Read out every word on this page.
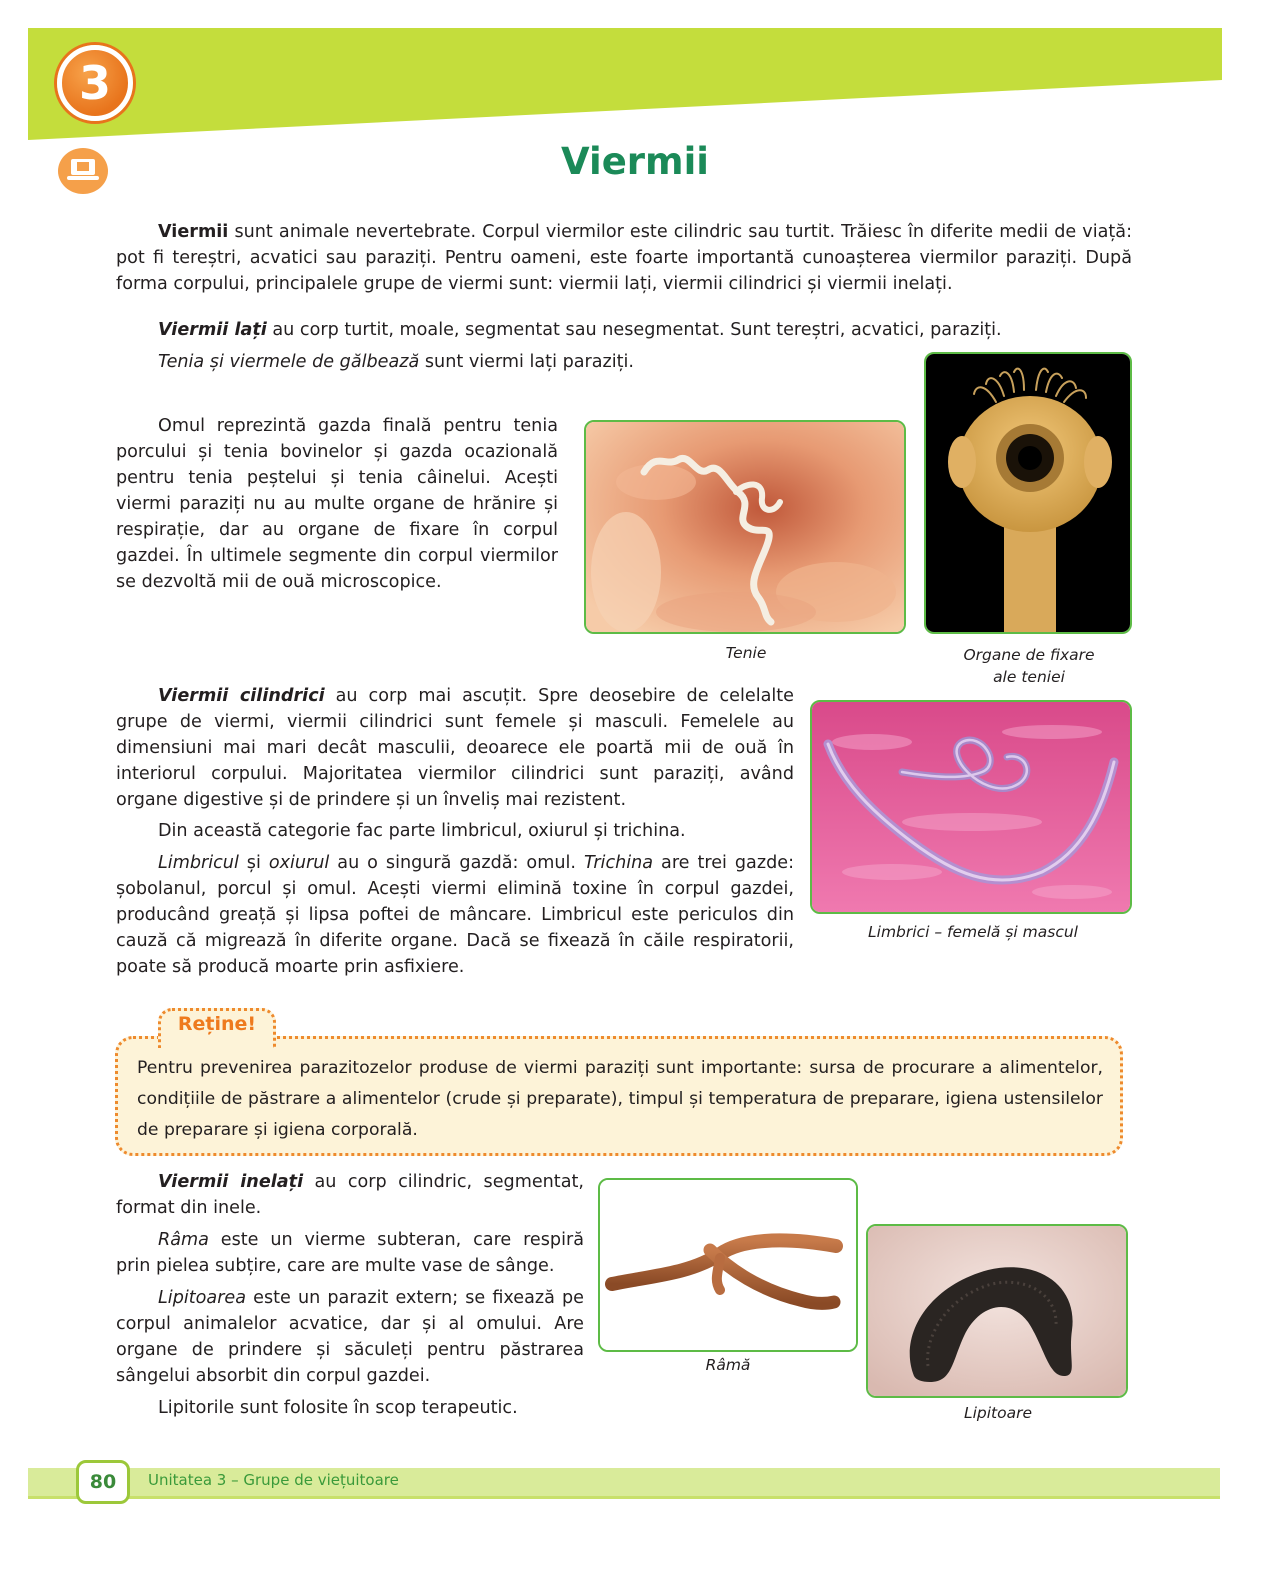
3
Viermii

Viermii sunt animale nevertebrate. Corpul viermilor este cilindric sau turtit. Trăiesc în diferite medii de viață: pot fi tereștri, acvatici sau paraziți. Pentru oameni, este foarte importantă cunoașterea viermilor paraziți. După forma corpului, principalele grupe de viermi sunt: viermii lați, viermii cilindrici și viermii inelați.

Viermii lați au corp turtit, moale, segmentat sau nesegmentat. Sunt tereștri, acvatici, paraziți.

Tenia și viermele de gălbează sunt viermi lați paraziți.

Omul reprezintă gazda finală pentru tenia porcului și tenia bovinelor și gazda ocazională pentru tenia peștelui și tenia câinelui. Acești viermi paraziți nu au multe organe de hrănire și respirație, dar au organe de fixare în corpul gazdei. În ultimele segmente din corpul viermilor se dezvoltă mii de ouă microscopice.

Tenie	Organe de fixare
ale teniei

Viermii cilindrici au corp mai ascuțit. Spre deosebire de celelalte grupe de viermi, viermii cilindrici sunt femele și masculi. Femelele au dimensiuni mai mari decât masculii, deoarece ele poartă mii de ouă în interiorul corpului. Majoritatea viermilor cilindrici sunt paraziți, având organe digestive și de prindere și un înveliș mai rezistent.

Din această categorie fac parte limbricul, oxiurul și trichina.

Limbricul și oxiurul au o singură gazdă: omul. Trichina are trei gazde: șobolanul, porcul și omul. Acești viermi elimină toxine în corpul gazdei, producând greață și lipsa poftei de mâncare. Limbricul este periculos din cauză că migrează în diferite organe. Dacă se fixează în căile respiratorii, poate să producă moarte prin asfixiere.

Limbrici – femelă și mascul
Reține!

Pentru prevenirea parazitozelor produse de viermi paraziți sunt importante: sursa de procurare a alimentelor, condițiile de păstrare a alimentelor (crude și preparate), timpul și temperatura de preparare, igiena ustensilelor de preparare și igiena corporală.

Viermii inelați au corp cilindric, segmentat, format din inele.

Râma este un vierme subteran, care respiră prin pielea subțire, care are multe vase de sânge.

Lipitoarea este un parazit extern; se fixează pe corpul animalelor acvatice, dar și al omului. Are organe de prindere și săculeți pentru păstrarea sângelui absorbit din corpul gazdei.

Lipitorile sunt folosite în scop terapeutic.

Râmă
Lipitoare
80 Unitatea 3 – Grupe de viețuitoare
